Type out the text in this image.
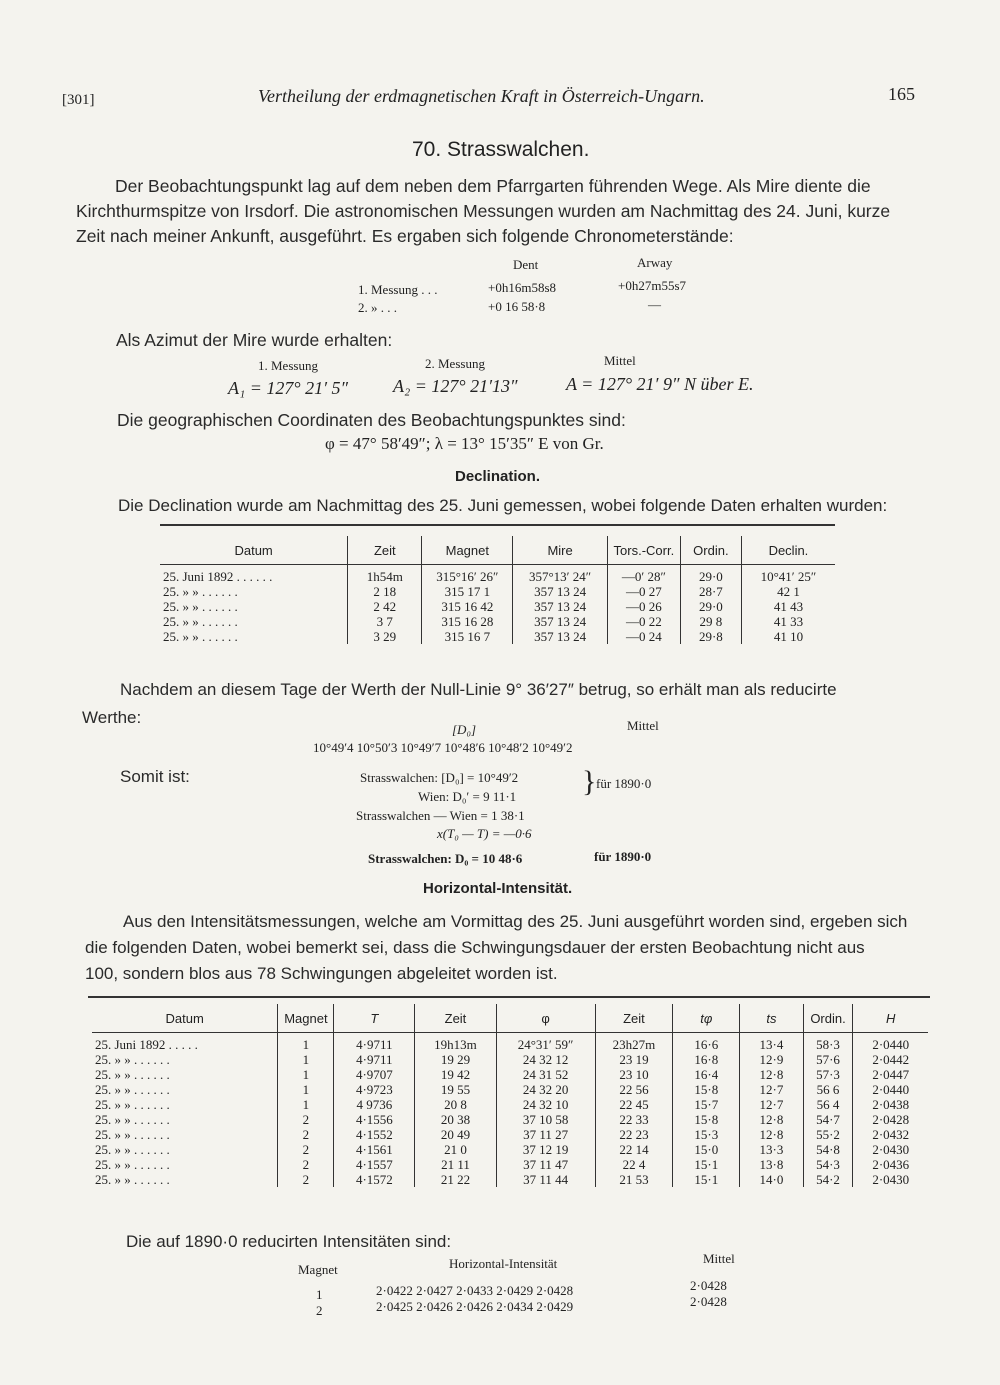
[301]	Vertheilung der erdmagnetischen Kraft in Österreich-Ungarn.	165
70. Strasswalchen.
Der Beobachtungspunkt lag auf dem neben dem Pfarrgarten führenden Wege. Als Mire diente die
Kirchthurmspitze von Irsdorf. Die astronomischen Messungen wurden am Nachmittag des 24. Juni, kurze
Zeit nach meiner Ankunft, ausgeführt. Es ergaben sich folgende Chronometerstände:
Dent	Arway
1. Messung . . .	+0h16m58s8	+0h27m55s7
2. » . . .	+0 16 58·8	—
Als Azimut der Mire wurde erhalten:
1. Messung	2. Messung	Mittel
A₁ = 127° 21′ 5″ A₂ = 127° 21′13″	A = 127° 21′ 9″ N über E.
Die geographischen Coordinaten des Beobachtungspunktes sind:
φ = 47° 58′49″; λ = 13° 15′35″ E von Gr.
Declination.
Die Declination wurde am Nachmittag des 25. Juni gemessen, wobei folgende Daten erhalten wurden:
Datum	Zeit	Magnet	Mire	Tors.-Corr.	Ordin.	Declin.
25. Juni 1892 . . . . . .	1h54m	315°16′ 26″	357°13′ 24″	—0′ 28″	29·0	10°41′ 25″
25. » » . . . . . .	2 18	315 17 1	357 13 24	—0 27	28·7	42 1
25. » » . . . . . .	2 42	315 16 42	357 13 24	—0 26	29·0	41 43
25. » » . . . . . .	3 7	315 16 28	357 13 24	—0 22	29 8	41 33
25. » » . . . . . .	3 29	315 16 7	357 13 24	—0 24	29·8	41 10
Nachdem an diesem Tage der Werth der Null-Linie 9° 36′27″ betrug, so erhält man als reducirte
Werthe:
[D₀]	Mittel
10°49′4 10°50′3 10°49′7 10°48′6 10°48′2 10°49′2
Somit ist:	Strasswalchen: [D₀] = 10°49′2
Wien: D₀′ = 9 11·1
Strasswalchen — Wien = 1 38·1
x(T₀ — T) = —0·6
} für 1890·0
Strasswalchen: D₀ = 10 48·6	für 1890·0
Horizontal-Intensität.
Aus den Intensitätsmessungen, welche am Vormittag des 25. Juni ausgeführt worden sind, ergeben sich
die folgenden Daten, wobei bemerkt sei, dass die Schwingungsdauer der ersten Beobachtung nicht aus
100, sondern blos aus 78 Schwingungen abgeleitet worden ist.
Datum	Magnet	T	Zeit	φ	Zeit	tφ	ts	Ordin.	H
25. Juni 1892 . . . . .	1	4·9711	19h13m	24°31′ 59″	23h27m	16·6	13·4	58·3	2·0440
25. » » . . . . . .	1	4·9711	19 29	24 32 12	23 19	16·8	12·9	57·6	2·0442
25. » » . . . . . .	1	4·9707	19 42	24 31 52	23 10	16·4	12·8	57·3	2·0447
25. » » . . . . . .	1	4·9723	19 55	24 32 20	22 56	15·8	12·7	56 6	2·0440
25. » » . . . . . .	1	4 9736	20 8	24 32 10	22 45	15·7	12·7	56 4	2·0438
25. » » . . . . . .	2	4·1556	20 38	37 10 58	22 33	15·8	12·8	54·7	2·0428
25. » » . . . . . .	2	4·1552	20 49	37 11 27	22 23	15·3	12·8	55·2	2·0432
25. » » . . . . . .	2	4·1561	21 0	37 12 19	22 14	15·0	13·3	54·8	2·0430
25. » » . . . . . .	2	4·1557	21 11	37 11 47	22 4	15·1	13·8	54·3	2·0436
25. » » . . . . . .	2	4·1572	21 22	37 11 44	21 53	15·1	14·0	54·2	2·0430
Die auf 1890·0 reducirten Intensitäten sind:
Magnet	Horizontal-Intensität	Mittel
1	2·0422 2·0427 2·0433 2·0429 2·0428	2·0428
2	2·0425 2·0426 2·0426 2·0434 2·0429	2·0428
